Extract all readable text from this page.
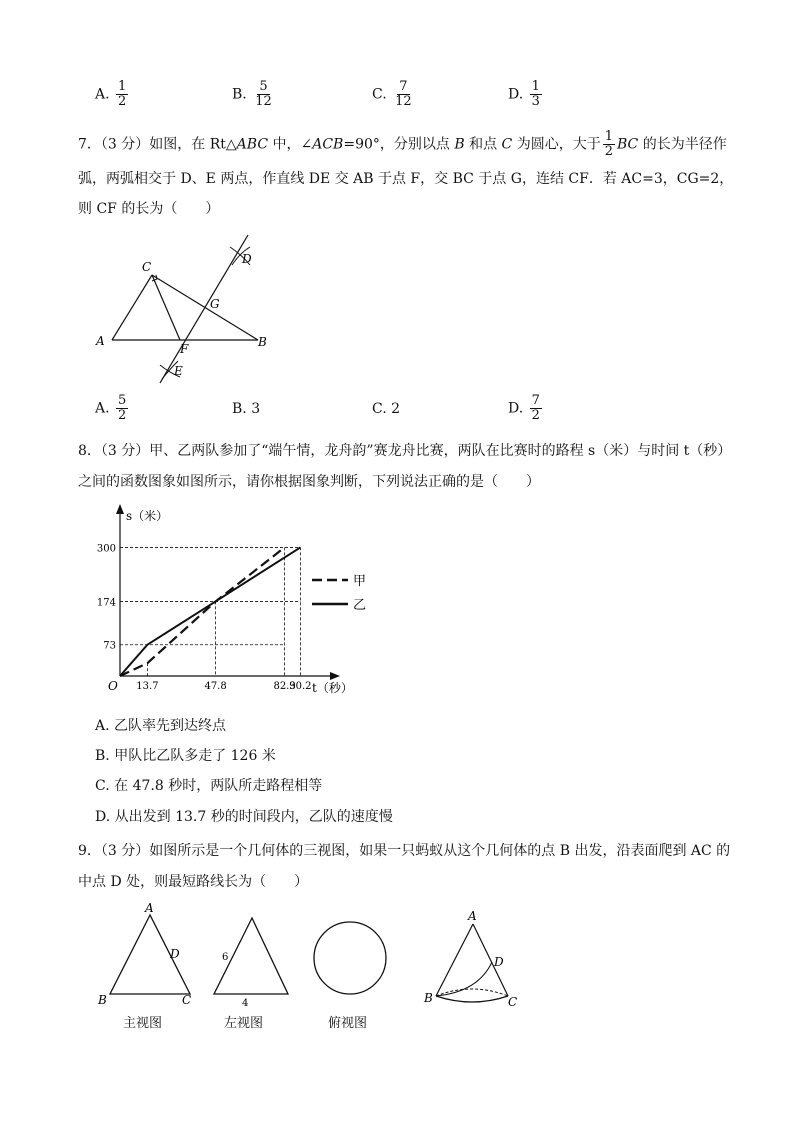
A. $\frac{1}{2}$	B. $\frac{5}{12}$	C. $\frac{7}{12}$	D. $\frac{1}{3}$
7．（3 分）如图，在 Rt△ABC 中，∠ACB=90°，分别以点 B 和点 C 为圆心，大于 $\frac{1}{2}$ BC 的长为半径作
弧，两弧相交于 D、E 两点，作直线 DE 交 AB 于点 F，交 BC 于点 G，连结 CF．若 AC=3，CG=2，
则 CF 的长为（　　）
A	B
C
D
E
F
G
A. $\frac{5}{2}$	B. 3	C. 2	D. $\frac{7}{2}$
8．（3 分）甲、乙两队参加了“端午情，龙舟韵”赛龙舟比赛，两队在比赛时的路程 s（米）与时间 t（秒）
之间的函数图象如图所示，请你根据图象判断，下列说法正确的是（　　）
s（米）
t（秒）
O
73
174
300
13.7	47.8	82.3
90.2
甲
乙
A. 乙队率先到达终点
B. 甲队比乙队多走了 126 米
C. 在 47.8 秒时，两队所走路程相等
D. 从出发到 13.7 秒的时间段内，乙队的速度慢
9．（3 分）如图所示是一个几何体的三视图，如果一只蚂蚁从这个几何体的点 B 出发，沿表面爬到 AC 的
中点 D 处，则最短路线长为（　　）
A
D
B	C
6
4
A
D
B	C
主视图	左视图	俯视图
